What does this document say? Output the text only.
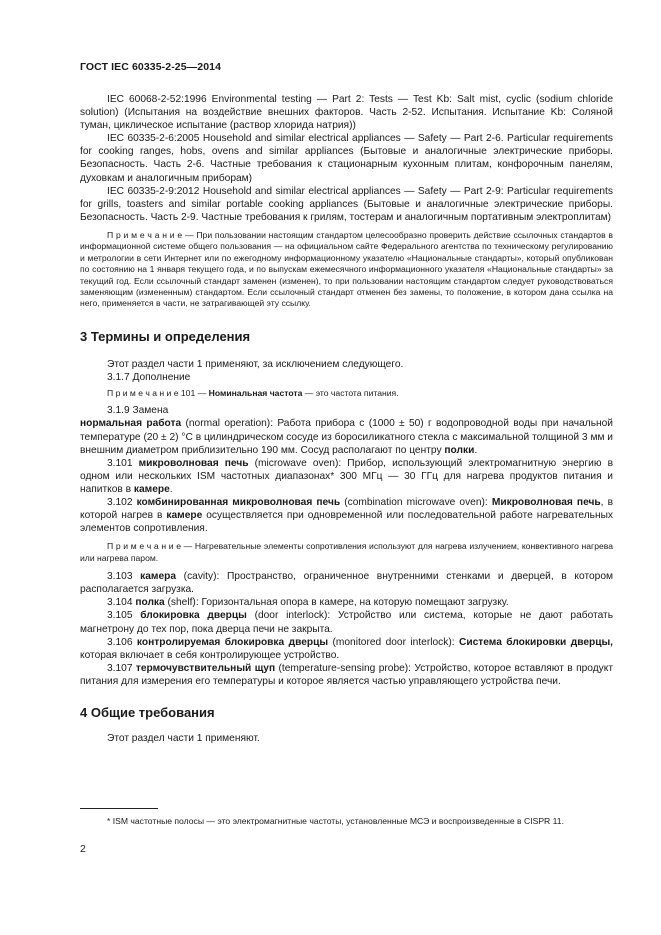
ГОСТ IEC 60335-2-25—2014

IEC 60068-2-52:1996 Environmental testing — Part 2: Tests — Test Kb: Salt mist, cyclic (sodium chloride solution) (Испытания на воздействие внешних факторов. Часть 2-52. Испытания. Испытание Kb: Соляной туман, циклическое испытание (раствор хлорида натрия))

IEC 60335-2-6:2005 Household and similar electrical appliances — Safety — Part 2-6. Particular requirements for cooking ranges, hobs, ovens and similar appliances (Бытовые и аналогичные электрические приборы. Безопасность. Часть 2-6. Частные требования к стационарным кухонным плитам, конфорочным панелям, духовкам и аналогичным приборам)

IEC 60335-2-9:2012 Household and similar electrical appliances — Safety — Part 2-9: Particular requirements for grills, toasters and similar portable cooking appliances (Бытовые и аналогичные электрические приборы. Безопасность. Часть 2-9. Частные требования к грилям, тостерам и аналогичным портативным электроплитам)

П р и м е ч а н и е — При пользовании настоящим стандартом целесообразно проверить действие ссылочных стандартов в информационной системе общего пользования — на официальном сайте Федерального агентства по техническому регулированию и метрологии в сети Интернет или по ежегодному информационному указателю «Национальные стандарты», который опубликован по состоянию на 1 января текущего года, и по выпускам ежемесячного информационного указателя «Национальные стандарты» за текущий год. Если ссылочный стандарт заменен (изменен), то при пользовании настоящим стандартом следует руководствоваться заменяющим (измененным) стандартом. Если ссылочный стандарт отменен без замены, то положение, в котором дана ссылка на него, применяется в части, не затрагивающей эту ссылку.

3 Термины и определения

Этот раздел части 1 применяют, за исключением следующего.

3.1.7 Дополнение

П р и м е ч а н и е 101 — Номинальная частота — это частота питания.

3.1.9 Замена

нормальная работа (normal operation): Работа прибора с (1000 ± 50) г водопроводной воды при начальной температуре (20 ± 2) °C в цилиндрическом сосуде из боросиликатного стекла с максимальной толщиной 3 мм и внешним диаметром приблизительно 190 мм. Сосуд располагают по центру полки.

3.101 микроволновая печь (microwave oven): Прибор, использующий электромагнитную энергию в одном или нескольких ISM частотных диапазонах* 300 МГц — 30 ГГц для нагрева продуктов питания и напитков в камере.

3.102 комбинированная микроволновая печь (combination microwave oven): Микроволновая печь, в которой нагрев в камере осуществляется при одновременной или последовательной работе нагревательных элементов сопротивления.

П р и м е ч а н и е — Нагревательные элементы сопротивления используют для нагрева излучением, конвективного нагрева или нагрева паром.

3.103 камера (cavity): Пространство, ограниченное внутренними стенками и дверцей, в котором располагается загрузка.

3.104 полка (shelf): Горизонтальная опора в камере, на которую помещают загрузку.

3.105 блокировка дверцы (door interlock): Устройство или система, которые не дают работать магнетрону до тех пор, пока дверца печи не закрыта.

3.106 контролируемая блокировка дверцы (monitored door interlock): Система блокировки дверцы, которая включает в себя контролирующее устройство.

3.107 термочувствительный щуп (temperature-sensing probe): Устройство, которое вставляют в продукт питания для измерения его температуры и которое является частью управляющего устройства печи.

4 Общие требования

Этот раздел части 1 применяют.

* ISM частотные полосы — это электромагнитные частоты, установленные МСЭ и воспроизведенные в CISPR 11.

2
